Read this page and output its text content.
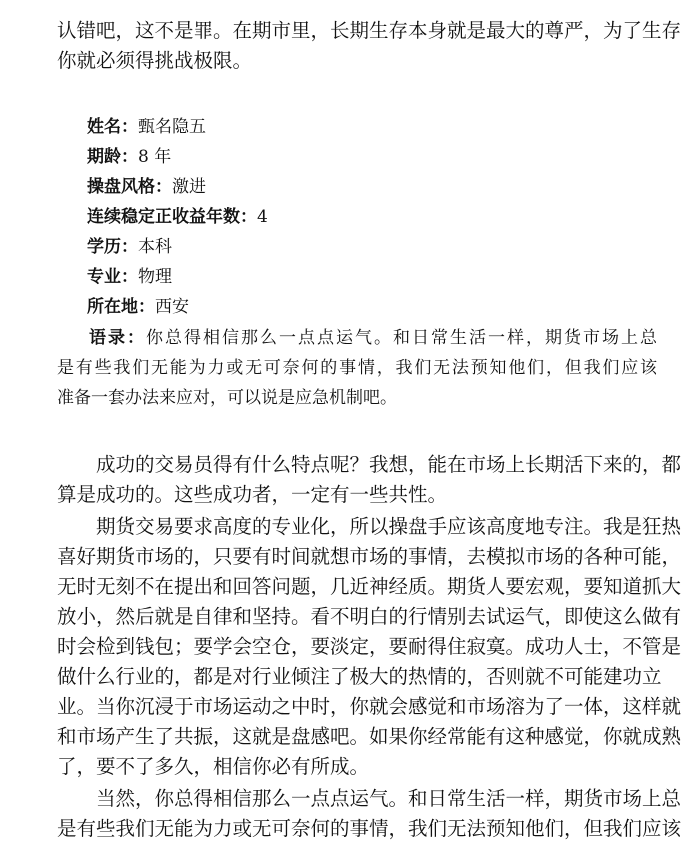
认错吧，这不是罪。在期市里，长期生存本身就是最大的尊严，为了生存
你就必须得挑战极限。
姓名：甄名隐五
期龄：8 年
操盘风格：激进
连续稳定正收益年数：4
学历：本科
专业：物理
所在地：西安
语录：你总得相信那么一点点运气。和日常生活一样，期货市场上总
是有些我们无能为力或无可奈何的事情，我们无法预知他们，但我们应该
准备一套办法来应对，可以说是应急机制吧。
　　成功的交易员得有什么特点呢？我想，能在市场上长期活下来的，都
算是成功的。这些成功者，一定有一些共性。
　　期货交易要求高度的专业化，所以操盘手应该高度地专注。我是狂热
喜好期货市场的，只要有时间就想市场的事情，去模拟市场的各种可能，
无时无刻不在提出和回答问题，几近神经质。期货人要宏观，要知道抓大
放小，然后就是自律和坚持。看不明白的行情别去试运气，即使这么做有
时会检到钱包；要学会空仓，要淡定，要耐得住寂寞。成功人士，不管是
做什么行业的，都是对行业倾注了极大的热情的，否则就不可能建功立
业。当你沉浸于市场运动之中时，你就会感觉和市场溶为了一体，这样就
和市场产生了共振，这就是盘感吧。如果你经常能有这种感觉，你就成熟
了，要不了多久，相信你必有所成。
　　当然，你总得相信那么一点点运气。和日常生活一样，期货市场上总
是有些我们无能为力或无可奈何的事情，我们无法预知他们，但我们应该
